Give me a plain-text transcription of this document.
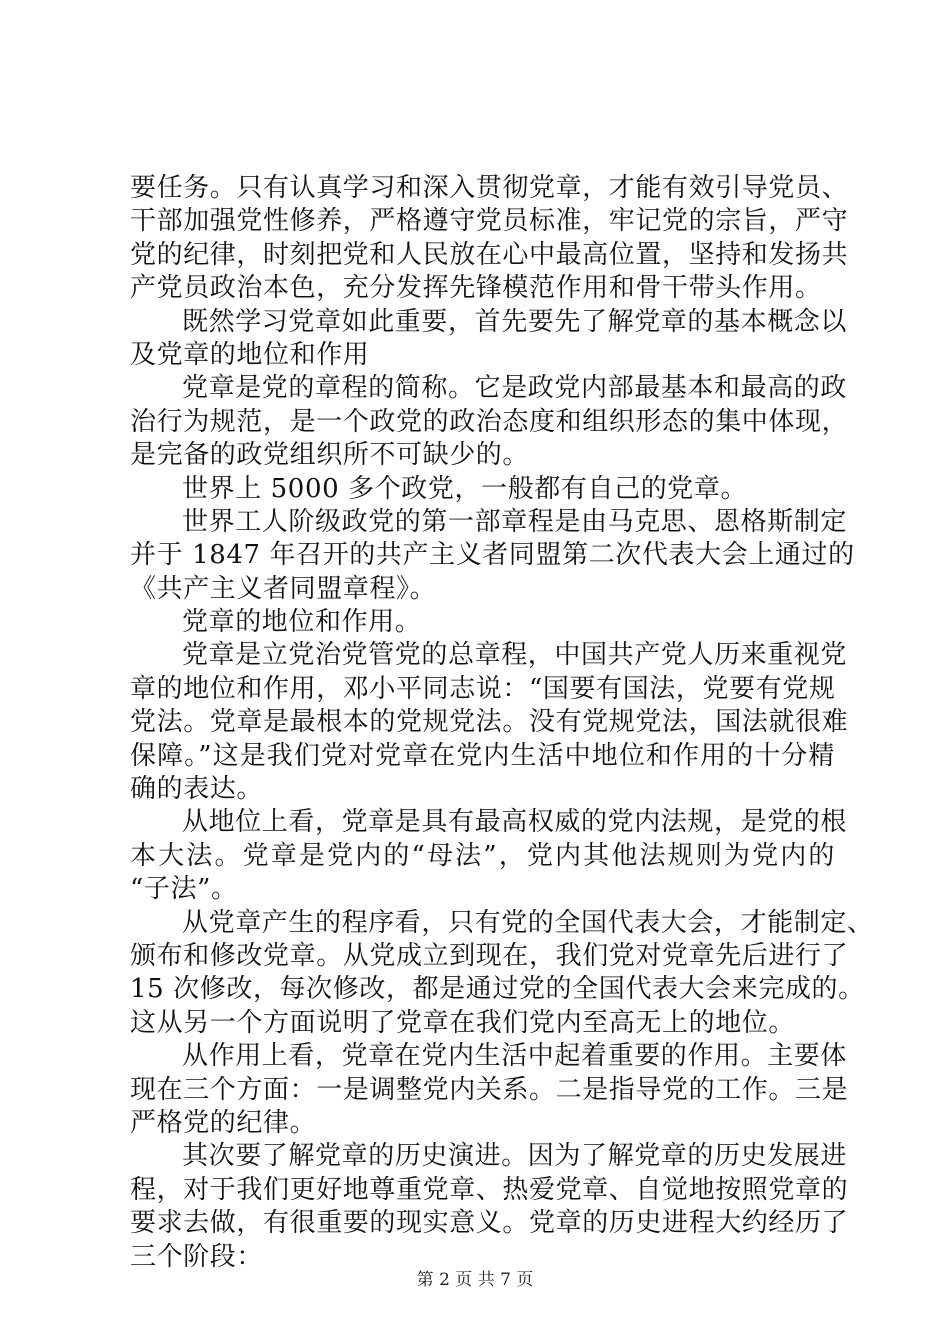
要任务。只有认真学习和深入贯彻党章，才能有效引导党员、
干部加强党性修养，严格遵守党员标准，牢记党的宗旨，严守
党的纪律，时刻把党和人民放在心中最高位置，坚持和发扬共
产党员政治本色，充分发挥先锋模范作用和骨干带头作用。
既然学习党章如此重要，首先要先了解党章的基本概念以
及党章的地位和作用
党章是党的章程的简称。它是政党内部最基本和最高的政
治行为规范，是一个政党的政治态度和组织形态的集中体现，
是完备的政党组织所不可缺少的。
世界上 5000 多个政党，一般都有自己的党章。
世界工人阶级政党的第一部章程是由马克思、恩格斯制定
并于 1847 年召开的共产主义者同盟第二次代表大会上通过的
《共产主义者同盟章程》。
党章的地位和作用。
党章是立党治党管党的总章程，中国共产党人历来重视党
章的地位和作用，邓小平同志说：“国要有国法，党要有党规
党法。党章是最根本的党规党法。没有党规党法，国法就很难
保障。”这是我们党对党章在党内生活中地位和作用的十分精
确的表达。
从地位上看，党章是具有最高权威的党内法规，是党的根
本大法。党章是党内的“母法”，党内其他法规则为党内的
“子法”。
从党章产生的程序看，只有党的全国代表大会，才能制定、
颁布和修改党章。从党成立到现在，我们党对党章先后进行了
15 次修改，每次修改，都是通过党的全国代表大会来完成的。
这从另一个方面说明了党章在我们党内至高无上的地位。
从作用上看，党章在党内生活中起着重要的作用。主要体
现在三个方面：一是调整党内关系。二是指导党的工作。三是
严格党的纪律。
其次要了解党章的历史演进。因为了解党章的历史发展进
程，对于我们更好地尊重党章、热爱党章、自觉地按照党章的
要求去做，有很重要的现实意义。党章的历史进程大约经历了
三个阶段：
第 2 页 共 7 页
